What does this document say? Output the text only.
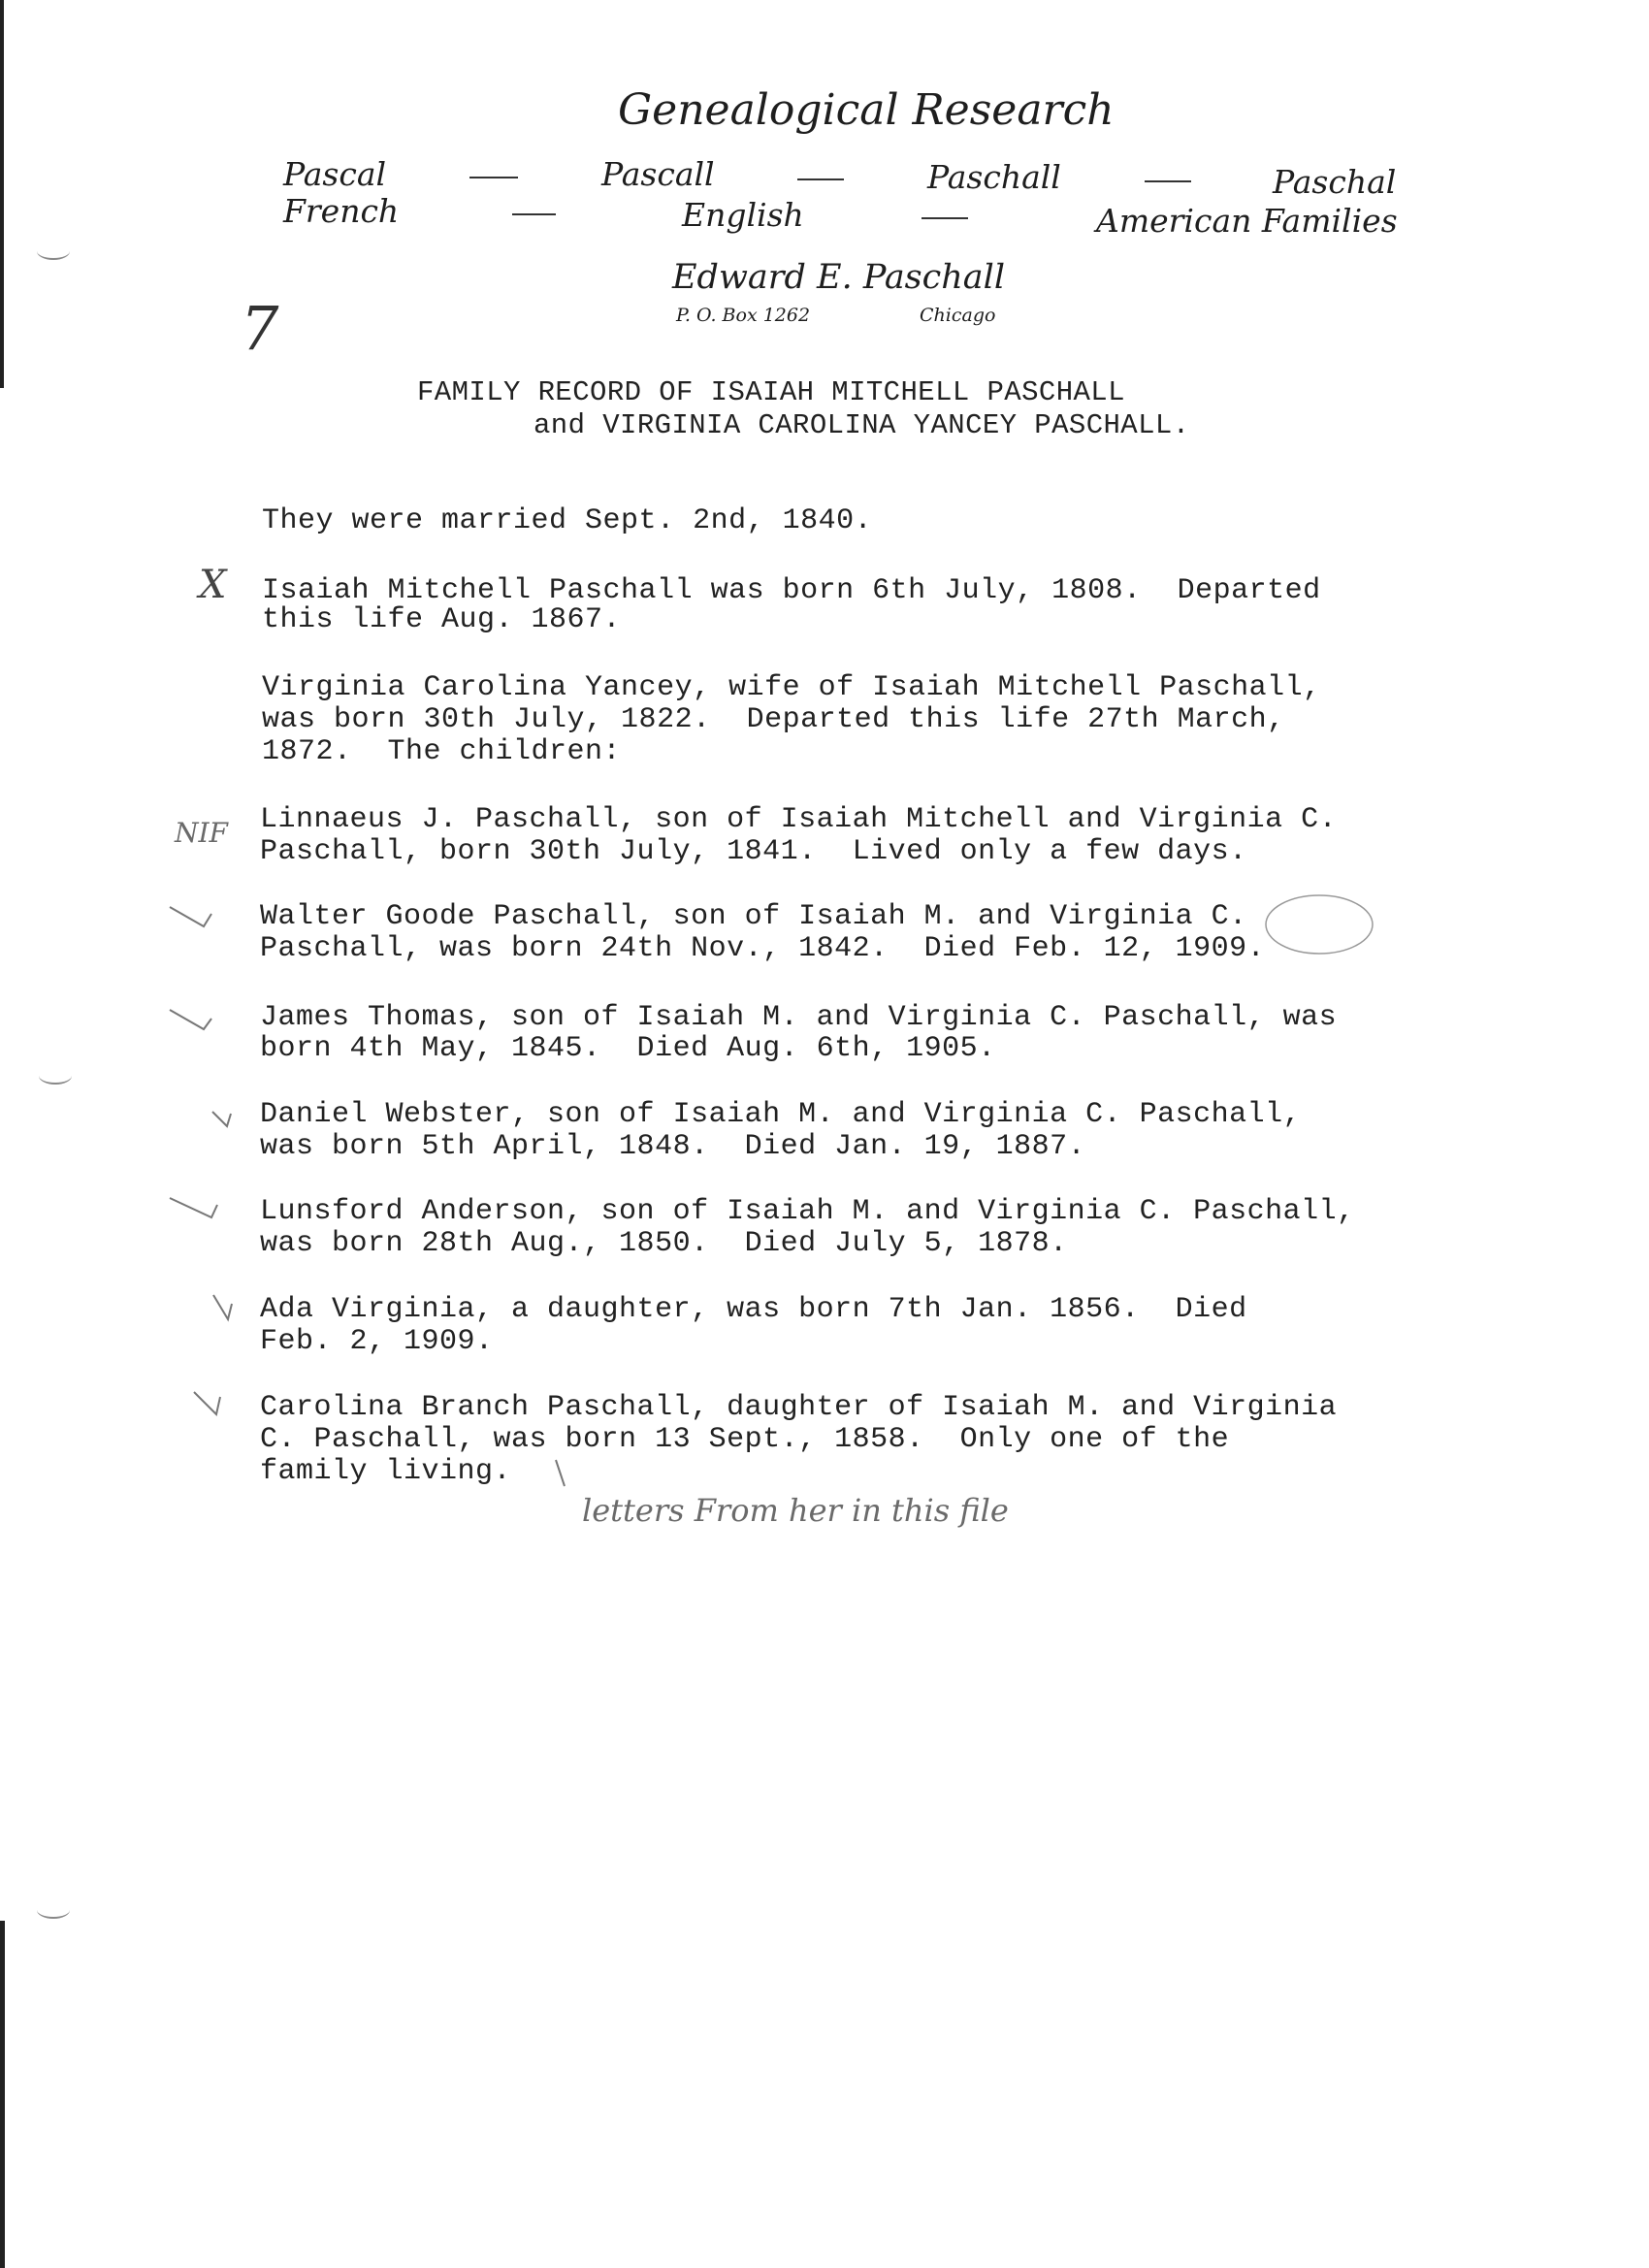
Genealogical Research
Pascal	Pascall	Paschall	Paschal
French	English	American Families
Edward E. Paschall
P. O. Box 1262	Chicago
7
FAMILY RECORD OF ISAIAH MITCHELL PASCHALL
and VIRGINIA CAROLINA YANCEY PASCHALL.
They were married Sept. 2nd, 1840.
Isaiah Mitchell Paschall was born 6th July, 1808.  Departed
this life Aug. 1867.
Virginia Carolina Yancey, wife of Isaiah Mitchell Paschall,
was born 30th July, 1822.  Departed this life 27th March,
1872.  The children:
Linnaeus J. Paschall, son of Isaiah Mitchell and Virginia C.
Paschall, born 30th July, 1841.  Lived only a few days.
Walter Goode Paschall, son of Isaiah M. and Virginia C.
Paschall, was born 24th Nov., 1842.  Died Feb. 12, 1909.
James Thomas, son of Isaiah M. and Virginia C. Paschall, was
born 4th May, 1845.  Died Aug. 6th, 1905.
Daniel Webster, son of Isaiah M. and Virginia C. Paschall,
was born 5th April, 1848.  Died Jan. 19, 1887.
Lunsford Anderson, son of Isaiah M. and Virginia C. Paschall,
was born 28th Aug., 1850.  Died July 5, 1878.
Ada Virginia, a daughter, was born 7th Jan. 1856.  Died
Feb. 2, 1909.
Carolina Branch Paschall, daughter of Isaiah M. and Virginia
C. Paschall, was born 13 Sept., 1858.  Only one of the
family living.
X
NIF
letters From her in this file
